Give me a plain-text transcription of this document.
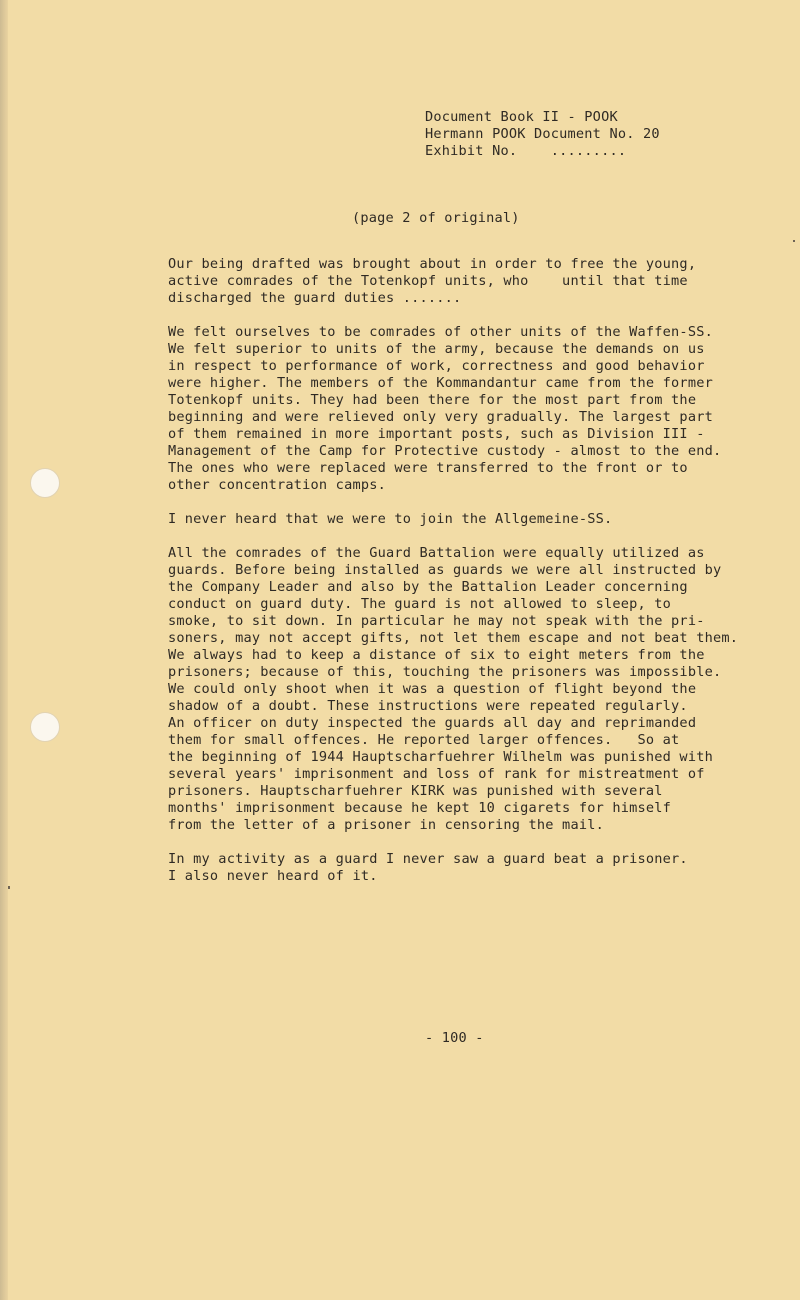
Document Book II - POOK
Hermann POOK Document No. 20
Exhibit No.    .........
(page 2 of original)
Our being drafted was brought about in order to free the young,
active comrades of the Totenkopf units, who    until that time
discharged the guard duties .......
We felt ourselves to be comrades of other units of the Waffen-SS.
We felt superior to units of the army, because the demands on us
in respect to performance of work, correctness and good behavior
were higher. The members of the Kommandantur came from the former
Totenkopf units. They had been there for the most part from the
beginning and were relieved only very gradually. The largest part
of them remained in more important posts, such as Division III -
Management of the Camp for Protective custody - almost to the end.
The ones who were replaced were transferred to the front or to
other concentration camps.
I never heard that we were to join the Allgemeine-SS.
All the comrades of the Guard Battalion were equally utilized as
guards. Before being installed as guards we were all instructed by
the Company Leader and also by the Battalion Leader concerning
conduct on guard duty. The guard is not allowed to sleep, to
smoke, to sit down. In particular he may not speak with the pri-
soners, may not accept gifts, not let them escape and not beat them.
We always had to keep a distance of six to eight meters from the
prisoners; because of this, touching the prisoners was impossible.
We could only shoot when it was a question of flight beyond the
shadow of a doubt. These instructions were repeated regularly.
An officer on duty inspected the guards all day and reprimanded
them for small offences. He reported larger offences.   So at
the beginning of 1944 Hauptscharfuehrer Wilhelm was punished with
several years' imprisonment and loss of rank for mistreatment of
prisoners. Hauptscharfuehrer KIRK was punished with several
months' imprisonment because he kept 10 cigarets for himself
from the letter of a prisoner in censoring the mail.
In my activity as a guard I never saw a guard beat a prisoner.
I also never heard of it.
- 100 -
